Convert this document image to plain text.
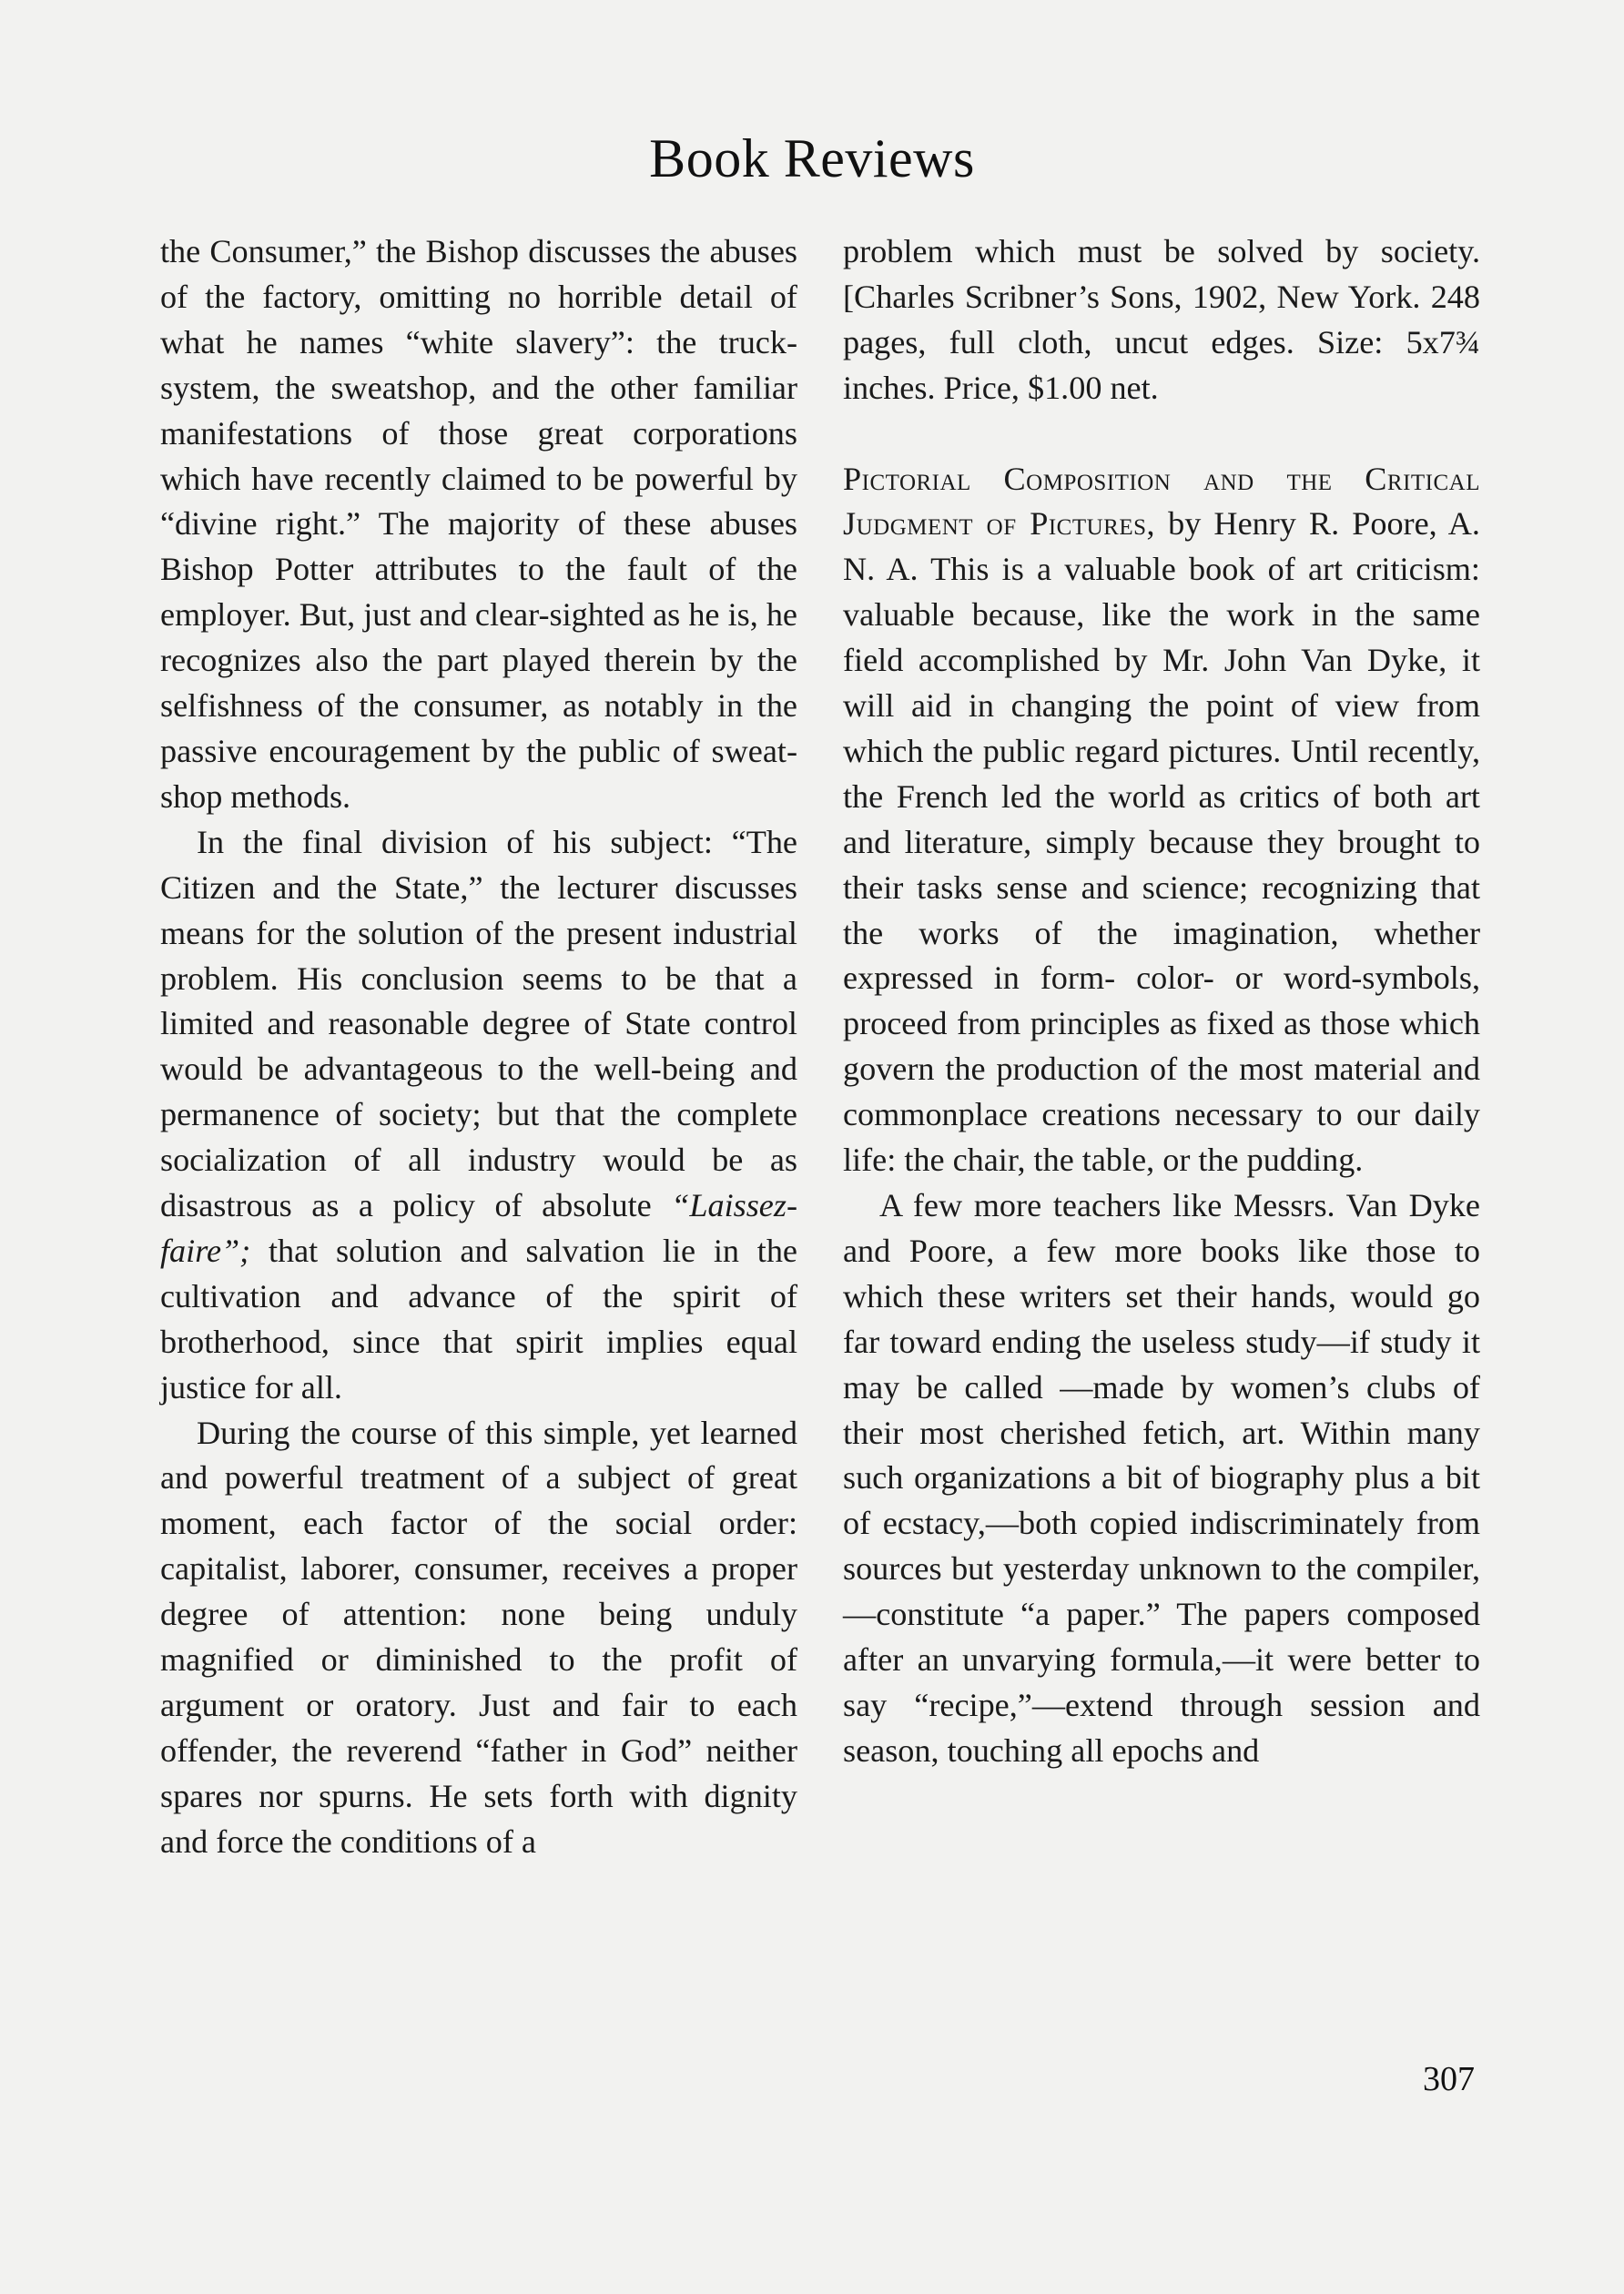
Book Reviews

the Consumer,” the Bishop discusses the abuses of the factory, omitting no horrible detail of what he names “white slavery”: the truck-system, the sweatshop, and the other familiar manifestations of those great corporations which have recently claimed to be powerful by “divine right.” The majority of these abuses Bishop Potter attributes to the fault of the employer. But, just and clear-sighted as he is, he recognizes also the part played therein by the selfishness of the consumer, as notably in the passive encouragement by the public of sweat-shop methods.

In the final division of his subject: “The Citizen and the State,” the lecturer discusses means for the solution of the present industrial problem. His conclusion seems to be that a limited and reasonable degree of State control would be advantageous to the well-being and permanence of society; but that the complete socialization of all industry would be as disastrous as a policy of absolute “Laissez-faire”; that solution and salvation lie in the cultivation and advance of the spirit of brotherhood, since that spirit implies equal justice for all.

During the course of this simple, yet learned and powerful treatment of a subject of great moment, each factor of the social order: capitalist, laborer, consumer, receives a proper degree of attention: none being unduly magnified or diminished to the profit of argument or oratory. Just and fair to each offender, the reverend “father in God” neither spares nor spurns. He sets forth with dignity and force the conditions of a

problem which must be solved by society. [Charles Scribner’s Sons, 1902, New York. 248 pages, full cloth, uncut edges. Size: 5x7¾ inches. Price, $1.00 net.

Pictorial Composition and the Critical Judgment of Pictures, by Henry R. Poore, A. N. A. This is a valuable book of art criticism: valuable because, like the work in the same field accomplished by Mr. John Van Dyke, it will aid in changing the point of view from which the public regard pictures. Until recently, the French led the world as critics of both art and literature, simply because they brought to their tasks sense and science; recognizing that the works of the imagination, whether expressed in form- color- or word-symbols, proceed from principles as fixed as those which govern the production of the most material and commonplace creations necessary to our daily life: the chair, the table, or the pudding.

A few more teachers like Messrs. Van Dyke and Poore, a few more books like those to which these writers set their hands, would go far toward ending the useless study—if study it may be called —made by women’s clubs of their most cherished fetich, art. Within many such organizations a bit of biography plus a bit of ecstacy,—both copied indiscriminately from sources but yesterday unknown to the compiler,—constitute “a paper.” The papers composed after an unvarying formula,—it were better to say “recipe,”—extend through session and season, touching all epochs and

307
